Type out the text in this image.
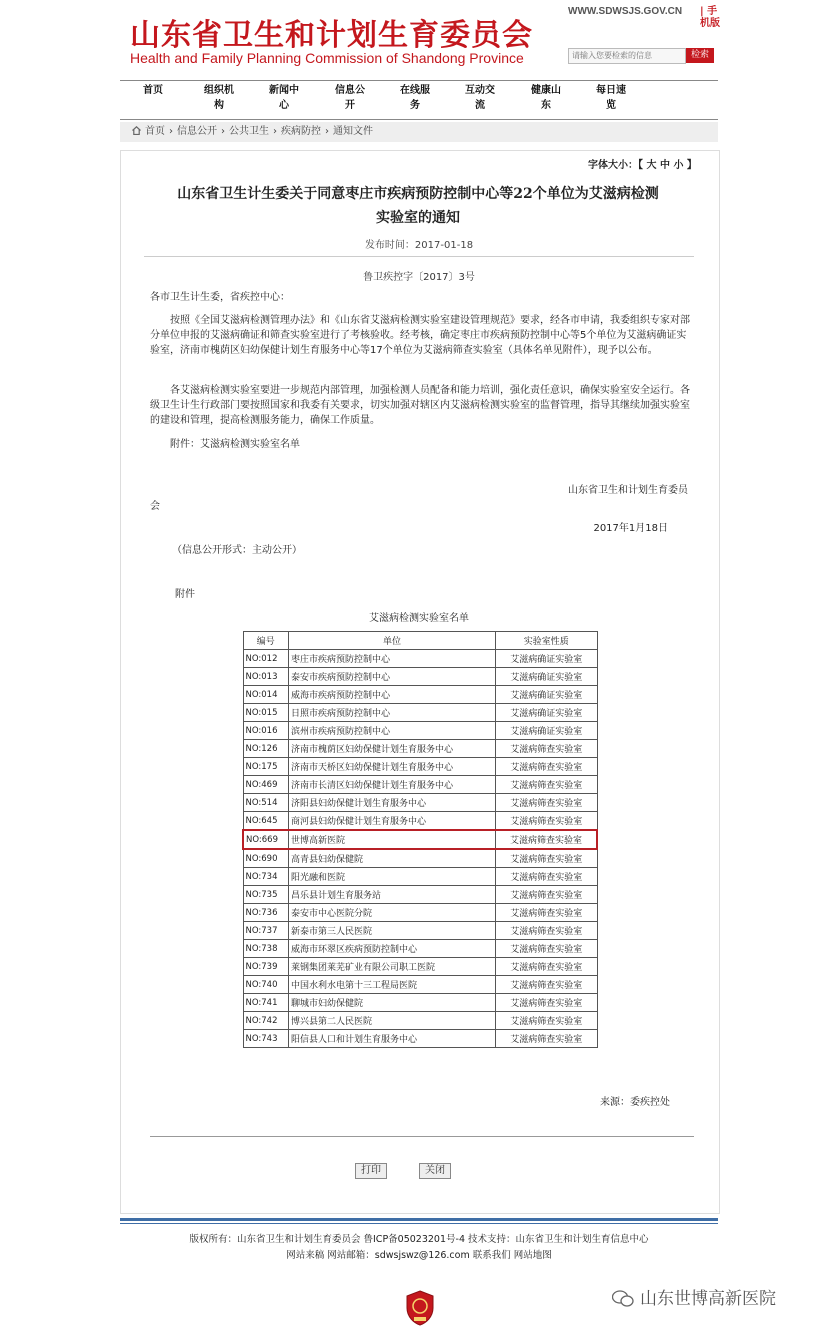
山东省卫生和计划生育委员会
Health and Family Planning Commission of Shandong Province
WWW.SDWSJS.GOV.CN | 手机版
请输入您要检索的信息
检索
首页	组织机
构
新闻中
心
信息公
开
在线服
务
互动交
流
健康山
东
每日速
览
首页 › 信息公开 › 公共卫生 › 疾病防控 › 通知文件
字体大小：【 大 中 小 】
山东省卫生计生委关于同意枣庄市疾病预防控制中心等22个单位为艾滋病检测
实验室的通知
发布时间：2017-01-18
鲁卫疾控字〔2017〕3号
各市卫生计生委，省疾控中心：
按照《全国艾滋病检测管理办法》和《山东省艾滋病检测实验室建设管理规范》要求，经各市申请，我委组织专家对部分单位申报的艾滋病确证和筛查实验室进行了考核验收。经考核，确定枣庄市疾病预防控制中心等5个单位为艾滋病确证实验室，济南市槐荫区妇幼保健计划生育服务中心等17个单位为艾滋病筛查实验室（具体名单见附件），现予以公布。
各艾滋病检测实验室要进一步规范内部管理，加强检测人员配备和能力培训，强化责任意识，确保实验室安全运行。各级卫生计生行政部门要按照国家和我委有关要求，切实加强对辖区内艾滋病检测实验室的监督管理，指导其继续加强实验室的建设和管理，提高检测服务能力，确保工作质量。
附件：艾滋病检测实验室名单
山东省卫生和计划生育委员
会
2017年1月18日
（信息公开形式：主动公开）
附件
艾滋病检测实验室名单
编号	单位	实验室性质
NO:012	枣庄市疾病预防控制中心	艾滋病确证实验室
NO:013	泰安市疾病预防控制中心	艾滋病确证实验室
NO:014	威海市疾病预防控制中心	艾滋病确证实验室
NO:015	日照市疾病预防控制中心	艾滋病确证实验室
NO:016	滨州市疾病预防控制中心	艾滋病确证实验室
NO:126	济南市槐荫区妇幼保健计划生育服务中心	艾滋病筛查实验室
NO:175	济南市天桥区妇幼保健计划生育服务中心	艾滋病筛查实验室
NO:469	济南市长清区妇幼保健计划生育服务中心	艾滋病筛查实验室
NO:514	济阳县妇幼保健计划生育服务中心	艾滋病筛查实验室
NO:645	商河县妇幼保健计划生育服务中心	艾滋病筛查实验室
NO:669	世博高新医院	艾滋病筛查实验室
NO:690	高青县妇幼保健院	艾滋病筛查实验室
NO:734	阳光融和医院	艾滋病筛查实验室
NO:735	昌乐县计划生育服务站	艾滋病筛查实验室
NO:736	泰安市中心医院分院	艾滋病筛查实验室
NO:737	新泰市第三人民医院	艾滋病筛查实验室
NO:738	威海市环翠区疾病预防控制中心	艾滋病筛查实验室
NO:739	莱钢集团莱芜矿业有限公司职工医院	艾滋病筛查实验室
NO:740	中国水利水电第十三工程局医院	艾滋病筛查实验室
NO:741	聊城市妇幼保健院	艾滋病筛查实验室
NO:742	博兴县第二人民医院	艾滋病筛查实验室
NO:743	阳信县人口和计划生育服务中心	艾滋病筛查实验室
来源：委疾控处
打印	关闭
版权所有：山东省卫生和计划生育委员会 鲁ICP备05023201号-4 技术支持：山东省卫生和计划生育信息中心
网站来稿 网站邮箱：sdwsjswz@126.com 联系我们 网站地图
山东世博高新医院
